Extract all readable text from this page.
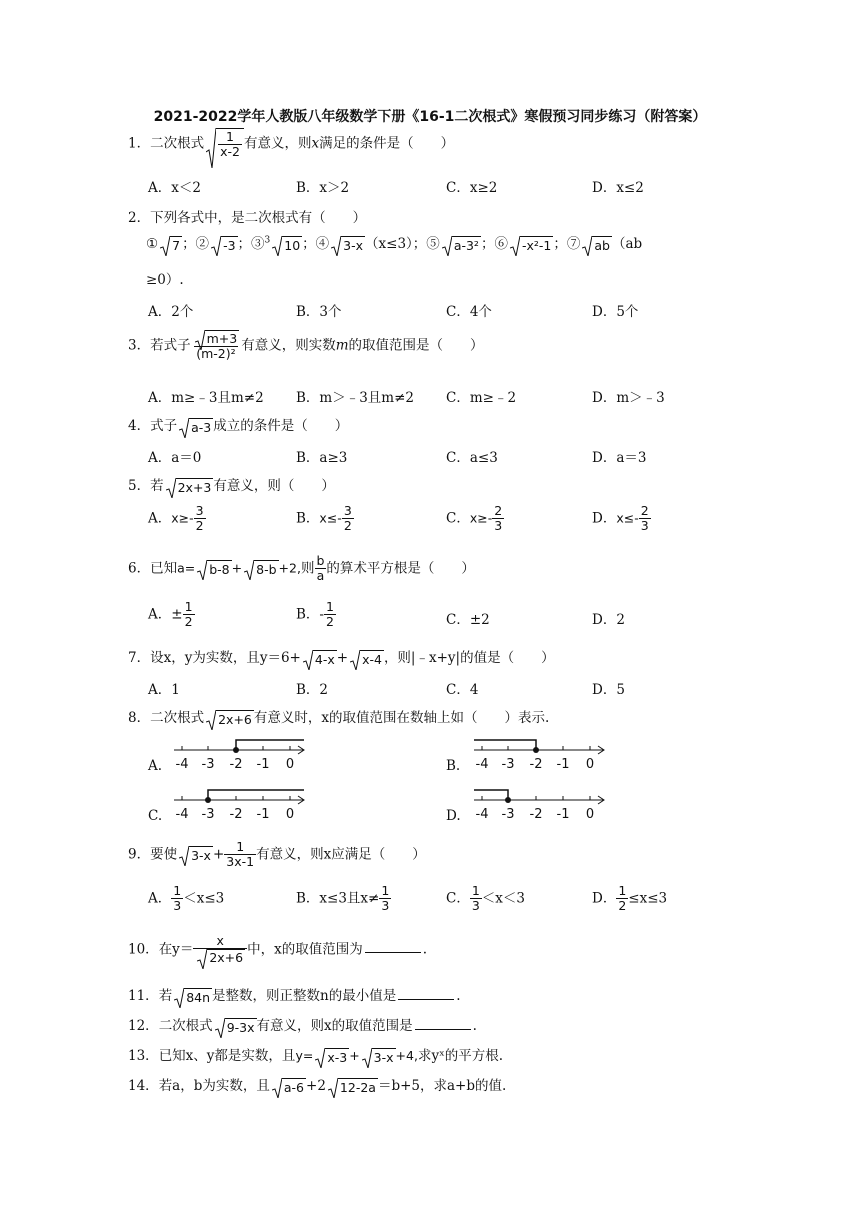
2021-2022学年人教版八年级数学下册《16-1二次根式》寒假预习同步练习（附答案）
1．二次根式 $\frac{1}{x-2}$ 有意义，则x满足的条件是（　　）
A．x＜2	B．x＞2	C．x≥2	D．x≤2
2．下列各式中，是二次根式有（　　）
① 7 ；② -3 ；③$^3$ 10 ；④ 3-x （x≤3）；⑤ a-3² ；⑥ -x²-1 ；⑦ ab （ab
≥0）.
A．2个	B．3个	C．4个	D．5个
3．若式子 $\frac{m+3}{\text{(m-2)²}}$ 有意义，则实数m的取值范围是（　　）
A．m≥﹣3且m≠2 B．m＞﹣3且m≠2 C．m≥﹣2	D．m＞﹣3
4．式子 a-3 成立的条件是（　　）
A．a＝0	B．a≥3	C．a≤3	D．a＝3
5．若 2x+3 有意义，则（　　）
A．$x\ge- \frac{3}{2}$	B．$x\le- \frac{3}{2}$	C．$x\ge- \frac{2}{3}$	D．$x\le- \frac{2}{3}$
6．已知a= b-8 + 8-b +2,则 $\frac{b}{a}$ 的算术平方根是（　　）
A．± $\frac{1}{2}$	B．- $\frac{1}{2}$	C．±2	D．2
7．设x，y为实数，且y＝6+ 4-x + x-4 ，则|﹣x+y|的值是（　　）
A．1	B．2	C．4	D．5
8．二次根式 2x+6 有意义时，x的取值范围在数轴上如（　　）表示.
A.	B.
C.	D.
-4 -3 -2 -1 0	-4 -3 -2 -1 0
-4 -3 -2 -1 0	-4 -3 -2 -1 0
9．要使 $3-x + \frac{1}{3x-1}$ 有意义，则x应满足（　　）
A． $\frac{1}{3} <x\le 3$	B．x≤3且$x\ne \frac{1}{3}$	C． $\frac{1}{3} <x<3$	D． $\frac{1}{2} \le x\le 3$
10．在$y= \frac{x}{2x+6}$ 中，x的取值范围为	.
11．若 84n 是整数，则正整数n的最小值是	.
12．二次根式 9-3x 有意义，则x的取值范围是	.
13．已知x、y都是实数，且y= x-3 + 3-x +4,求yˣ的平方根.
14．若a，b为实数，且 a-6 +2 12-2a ＝b+5，求a+b的值.
